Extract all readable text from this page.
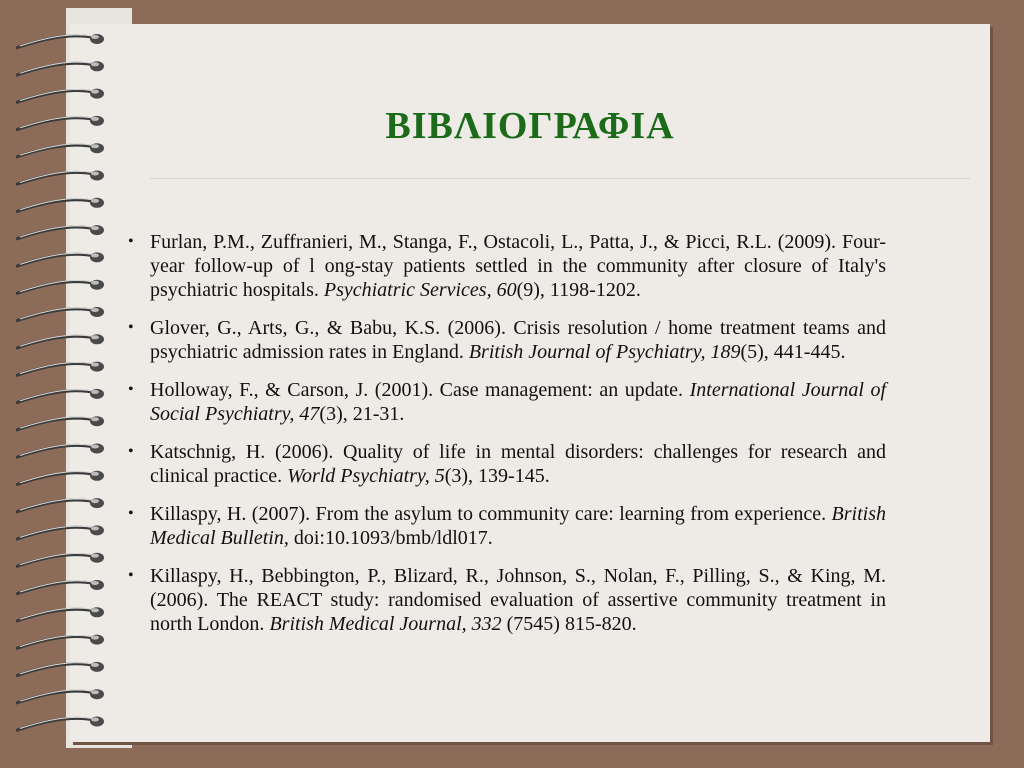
ΒΙΒΛΙΟΓΡΑΦΙΑ
• Furlan, P.M., Zuffranieri, M., Stanga, F., Ostacoli, L., Patta, J., & Picci, R.L. (2009). Four-year follow-up of l ong-stay patients settled in the community after closure of Italy's psychiatric hospitals. Psychiatric Services, 60(9), 1198-1202.
• Glover, G., Arts, G., & Babu, K.S. (2006). Crisis resolution / home treatment teams and psychiatric admission rates in England. British Journal of Psychiatry, 189(5), 441-445.
• Holloway, F., & Carson, J. (2001). Case management: an update. International Journal of Social Psychiatry, 47(3), 21-31.
• Katschnig, H. (2006). Quality of life in mental disorders: challenges for research and clinical practice. World Psychiatry, 5(3), 139-145.
• Killaspy, H. (2007). From the asylum to community care: learning from experience. British Medical Bulletin, doi:10.1093/bmb/ldl017.
• Killaspy, H., Bebbington, P., Blizard, R., Johnson, S., Nolan, F., Pilling, S., & King, M. (2006). The REACT study: randomised evaluation of assertive community treatment in north London. British Medical Journal, 332 (7545) 815-820.
